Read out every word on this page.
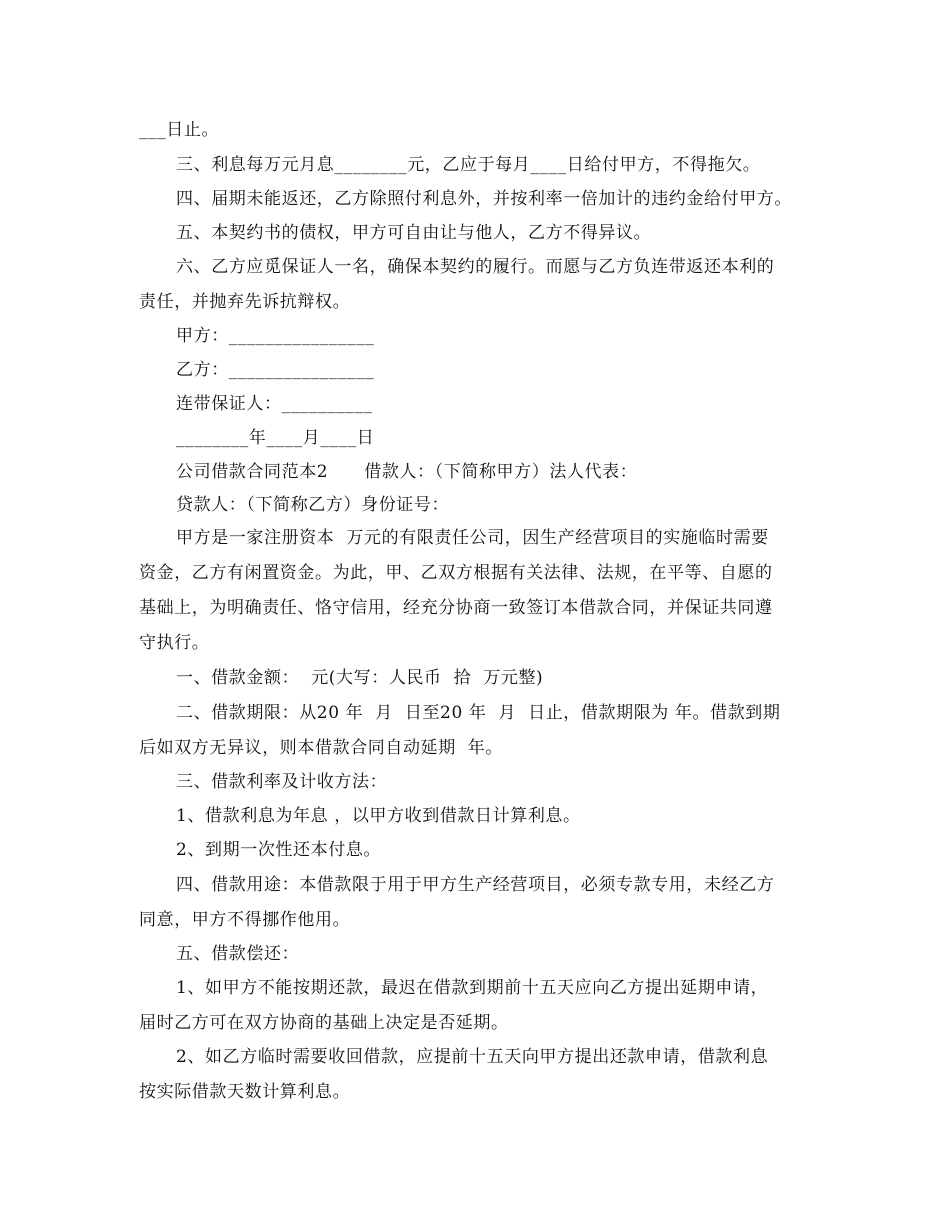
___日止。
三、利息每万元月息________元，乙应于每月____日给付甲方，不得拖欠。
四、届期未能返还，乙方除照付利息外，并按利率一倍加计的违约金给付甲方。
五、本契约书的债权，甲方可自由让与他人，乙方不得异议。
六、乙方应觅保证人一名，确保本契约的履行。而愿与乙方负连带返还本利的
责任，并抛弃先诉抗辩权。
甲方：________________
乙方：________________
连带保证人：__________
________年____月____日
公司借款合同范本2      借款人：（下简称甲方）法人代表：
贷款人：（下简称乙方）身份证号：
甲方是一家注册资本  万元的有限责任公司，因生产经营项目的实施临时需要
资金，乙方有闲置资金。为此，甲、乙双方根据有关法律、法规，在平等、自愿的
基础上，为明确责任、恪守信用，经充分协商一致签订本借款合同，并保证共同遵
守执行。
一、借款金额：  元(大写：人民币  拾  万元整)
二、借款期限：从20 年  月  日至20 年  月  日止，借款期限为 年。借款到期
后如双方无异议，则本借款合同自动延期  年。
三、借款利率及计收方法：
1、借款利息为年息 ，以甲方收到借款日计算利息。
2、到期一次性还本付息。
四、借款用途：本借款限于用于甲方生产经营项目，必须专款专用，未经乙方
同意，甲方不得挪作他用。
五、借款偿还：
1、如甲方不能按期还款，最迟在借款到期前十五天应向乙方提出延期申请，
届时乙方可在双方协商的基础上决定是否延期。
2、如乙方临时需要收回借款，应提前十五天向甲方提出还款申请，借款利息
按实际借款天数计算利息。
